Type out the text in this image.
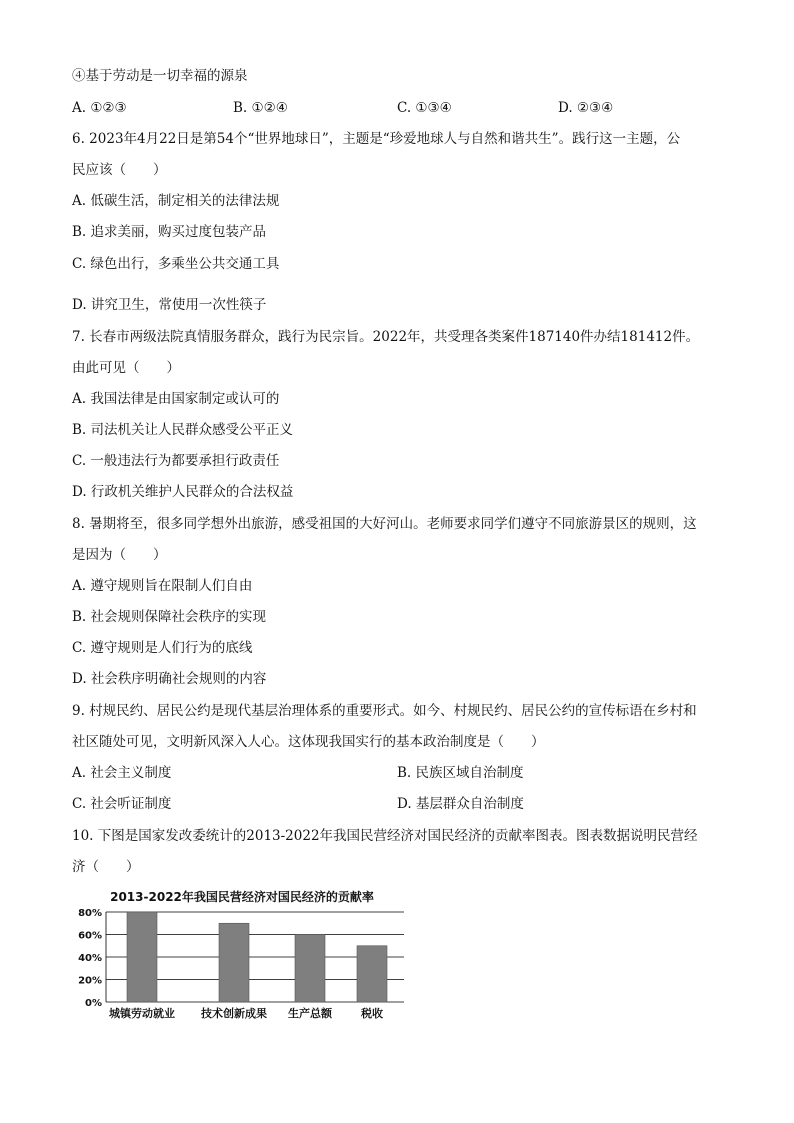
④基于劳动是一切幸福的源泉
A. ①②③	B. ①②④	C. ①③④	D. ②③④
6. 2023年4月22日是第54个“世界地球日”，主题是“珍爱地球人与自然和谐共生”。践行这一主题，公
民应该（　　）
A. 低碳生活，制定相关的法律法规
B. 追求美丽，购买过度包装产品
C. 绿色出行，多乘坐公共交通工具
D. 讲究卫生，常使用一次性筷子
7. 长春市两级法院真情服务群众，践行为民宗旨。2022年，共受理各类案件187140件办结181412件。
由此可见（　　）
A. 我国法律是由国家制定或认可的
B. 司法机关让人民群众感受公平正义
C. 一般违法行为都要承担行政责任
D. 行政机关维护人民群众的合法权益
8. 暑期将至，很多同学想外出旅游，感受祖国的大好河山。老师要求同学们遵守不同旅游景区的规则，这
是因为（　　）
A. 遵守规则旨在限制人们自由
B. 社会规则保障社会秩序的实现
C. 遵守规则是人们行为的底线
D. 社会秩序明确社会规则的内容
9. 村规民约、居民公约是现代基层治理体系的重要形式。如今、村规民约、居民公约的宣传标语在乡村和
社区随处可见，文明新风深入人心。这体现我国实行的基本政治制度是（　　）
A. 社会主义制度	B. 民族区域自治制度
C. 社会听证制度	D. 基层群众自治制度
10. 下图是国家发改委统计的2013-2022年我国民营经济对国民经济的贡献率图表。图表数据说明民营经
济（　　）
2013-2022年我国民营经济对国民经济的贡献率
0%
20%
40%
60%
80%
城镇劳动就业 技术创新成果 生产总额	税收
